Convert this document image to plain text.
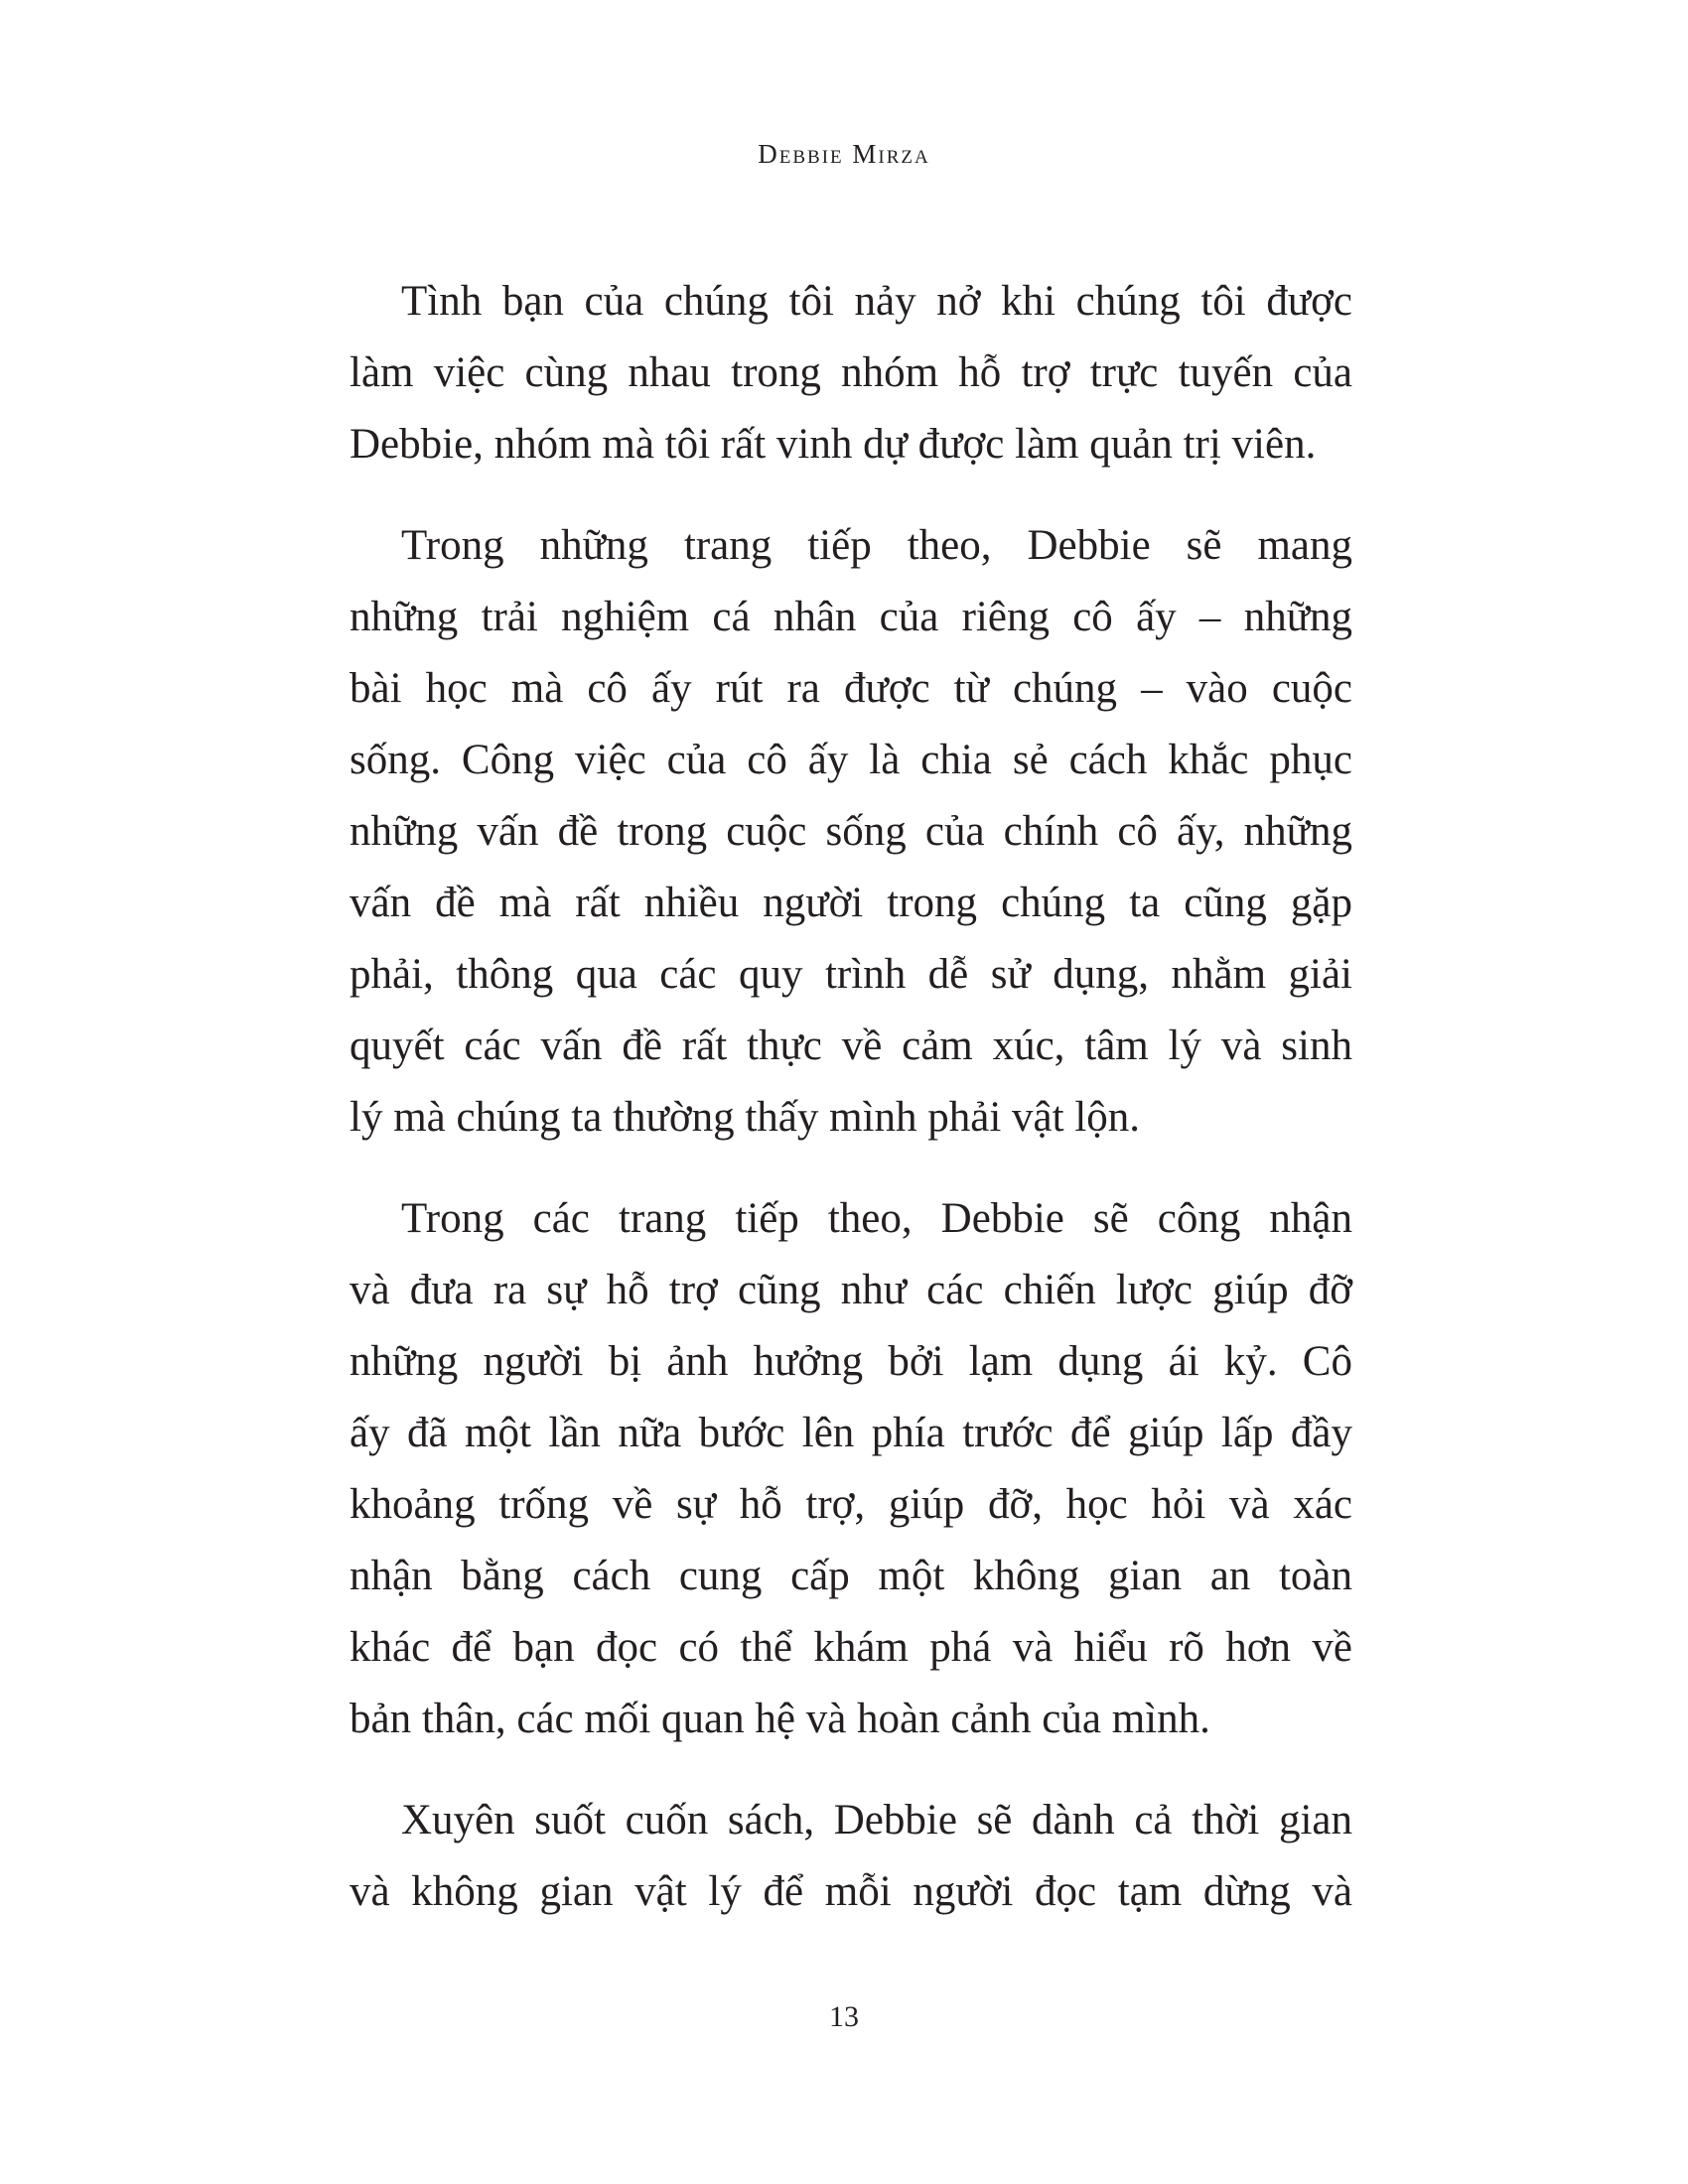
Debbie Mirza

Tình bạn của chúng tôi nảy nở khi chúng tôi được
làm việc cùng nhau trong nhóm hỗ trợ trực tuyến của
Debbie, nhóm mà tôi rất vinh dự được làm quản trị viên.

Trong những trang tiếp theo, Debbie sẽ mang
những trải nghiệm cá nhân của riêng cô ấy – những
bài học mà cô ấy rút ra được từ chúng – vào cuộc
sống. Công việc của cô ấy là chia sẻ cách khắc phục
những vấn đề trong cuộc sống của chính cô ấy, những
vấn đề mà rất nhiều người trong chúng ta cũng gặp
phải, thông qua các quy trình dễ sử dụng, nhằm giải
quyết các vấn đề rất thực về cảm xúc, tâm lý và sinh
lý mà chúng ta thường thấy mình phải vật lộn.

Trong các trang tiếp theo, Debbie sẽ công nhận
và đưa ra sự hỗ trợ cũng như các chiến lược giúp đỡ
những người bị ảnh hưởng bởi lạm dụng ái kỷ. Cô
ấy đã một lần nữa bước lên phía trước để giúp lấp đầy
khoảng trống về sự hỗ trợ, giúp đỡ, học hỏi và xác
nhận bằng cách cung cấp một không gian an toàn
khác để bạn đọc có thể khám phá và hiểu rõ hơn về
bản thân, các mối quan hệ và hoàn cảnh của mình.

Xuyên suốt cuốn sách, Debbie sẽ dành cả thời gian
và không gian vật lý để mỗi người đọc tạm dừng và

13
